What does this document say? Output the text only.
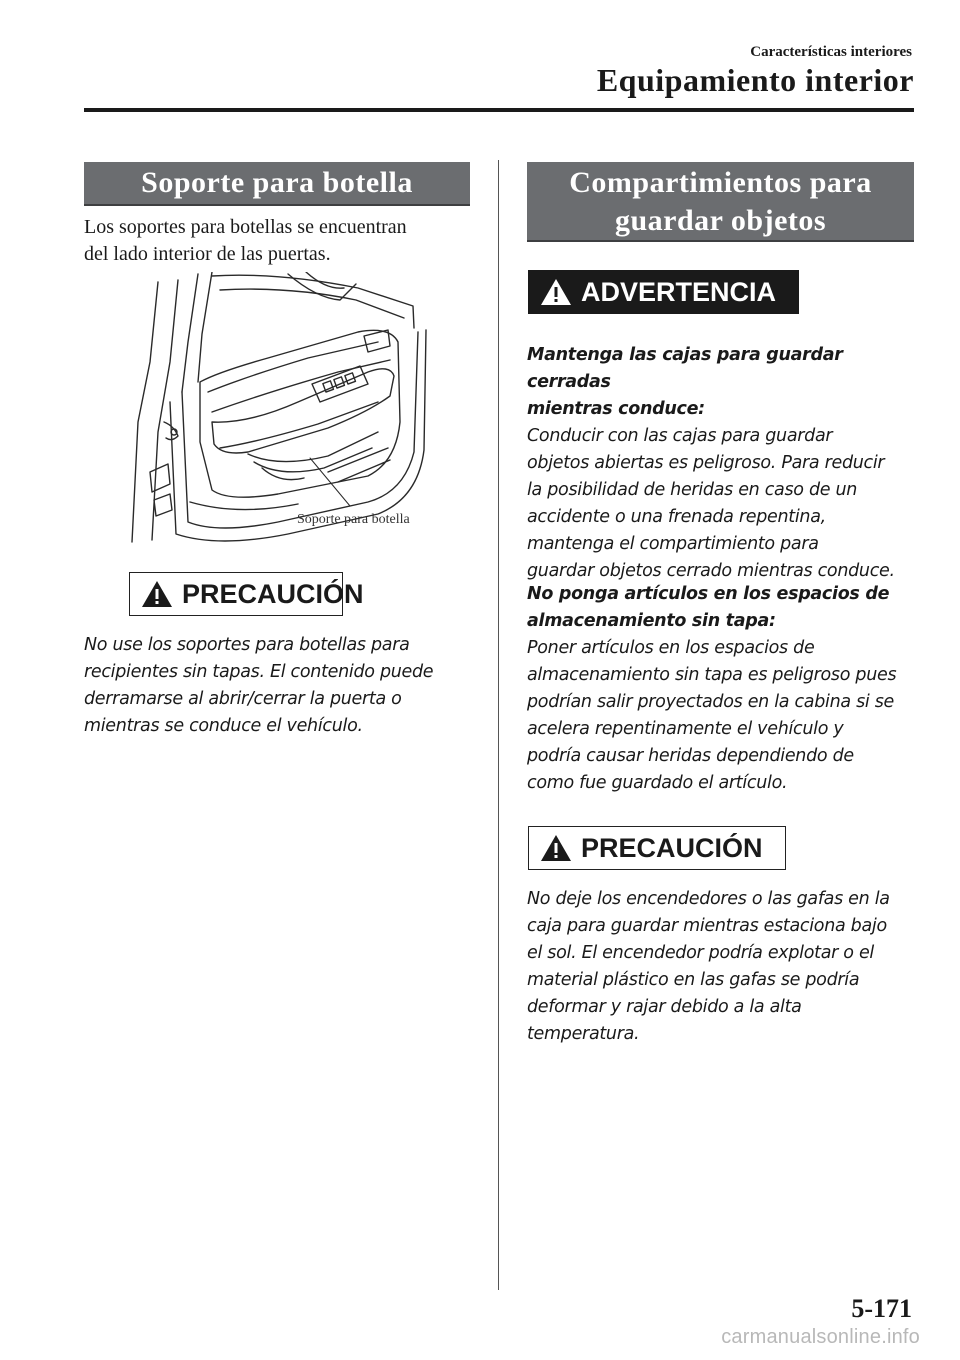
Características interiores
Equipamiento interior
Soporte para botella

Los soportes para botellas se encuentran

del lado interior de las puertas.

Soporte para botella
PRECAUCIÓN

No use los soportes para botellas para

recipientes sin tapas. El contenido puede

derramarse al abrir/cerrar la puerta o

mientras se conduce el vehículo.

Compartimientos para
guardar objetos
ADVERTENCIA

Mantenga las cajas para guardar cerradas

mientras conduce:

Conducir con las cajas para guardar

objetos abiertas es peligroso. Para reducir

la posibilidad de heridas en caso de un

accidente o una frenada repentina,

mantenga el compartimiento para

guardar objetos cerrado mientras conduce.

No ponga artículos en los espacios de

almacenamiento sin tapa:

Poner artículos en los espacios de

almacenamiento sin tapa es peligroso pues

podrían salir proyectados en la cabina si se

acelera repentinamente el vehículo y

podría causar heridas dependiendo de

como fue guardado el artículo.

PRECAUCIÓN

No deje los encendedores o las gafas en la

caja para guardar mientras estaciona bajo

el sol. El encendedor podría explotar o el

material plástico en las gafas se podría

deformar y rajar debido a la alta

temperatura.

5-171
carmanualsonline.info
